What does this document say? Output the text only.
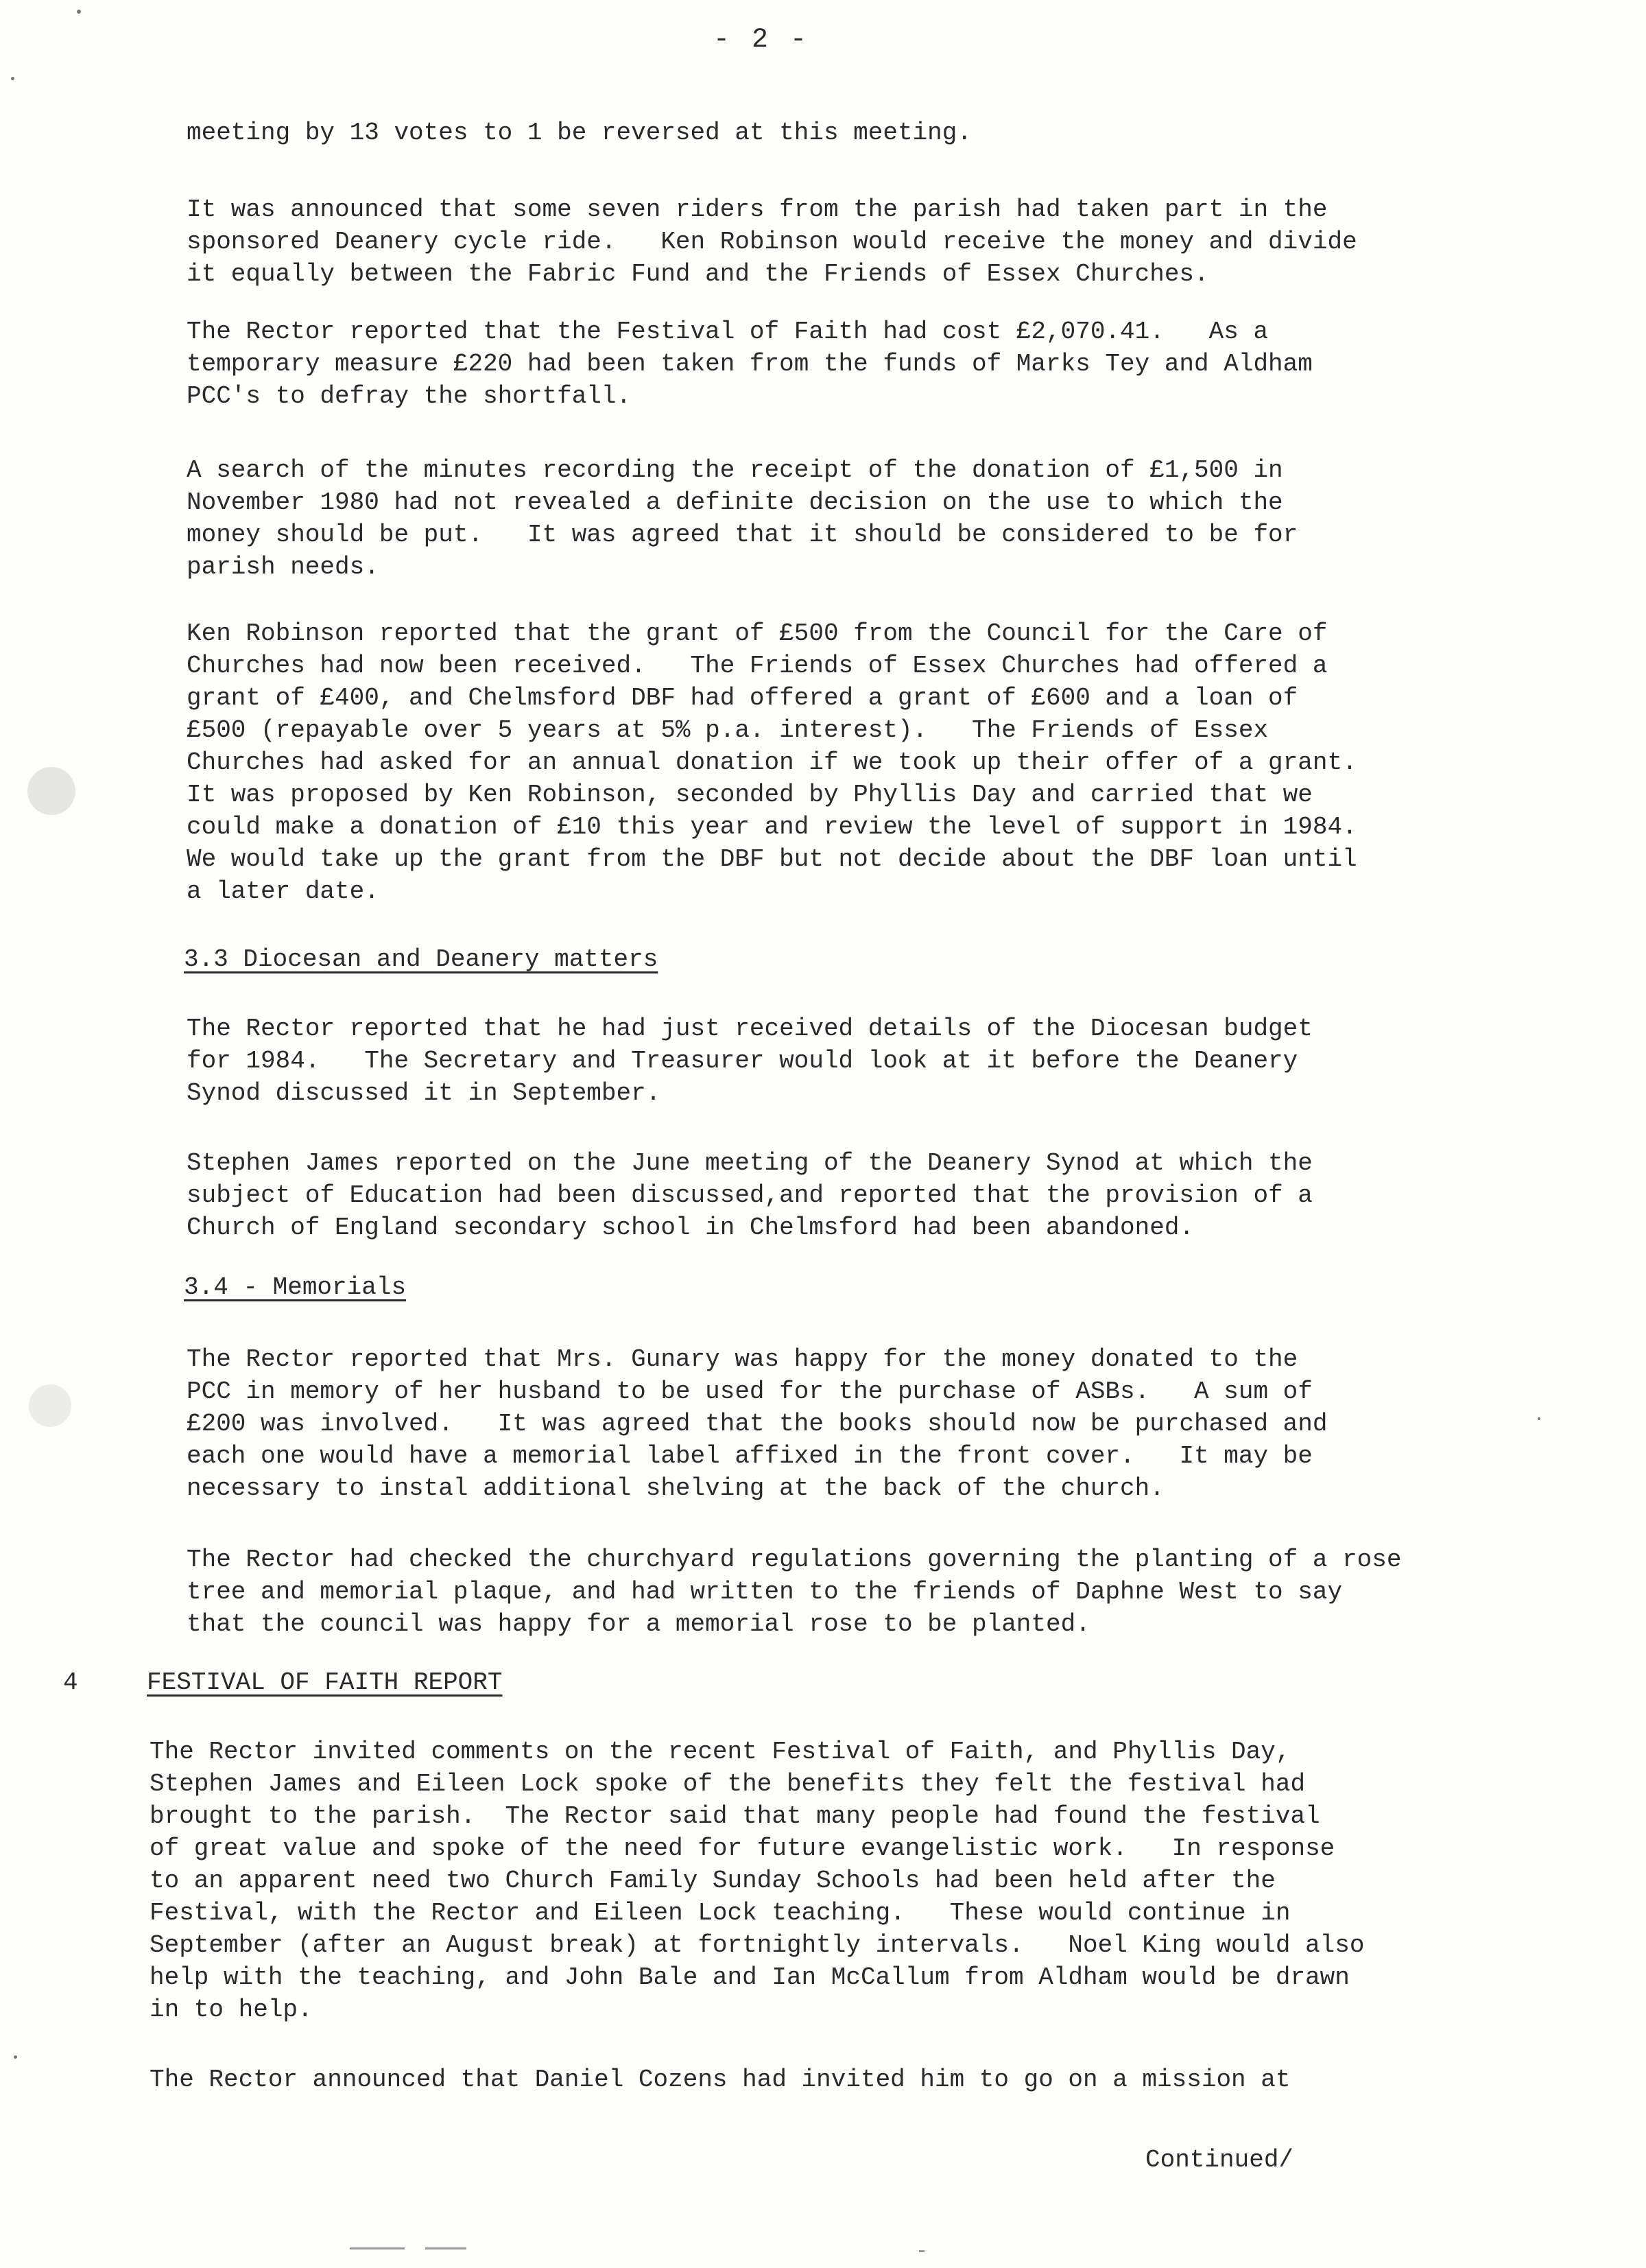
- 2 -
meeting by 13 votes to 1 be reversed at this meeting.
It was announced that some seven riders from the parish had taken part in the
sponsored Deanery cycle ride.   Ken Robinson would receive the money and divide
it equally between the Fabric Fund and the Friends of Essex Churches.
The Rector reported that the Festival of Faith had cost £2,070.41.   As a
temporary measure £220 had been taken from the funds of Marks Tey and Aldham
PCC's to defray the shortfall.
A search of the minutes recording the receipt of the donation of £1,500 in
November 1980 had not revealed a definite decision on the use to which the
money should be put.   It was agreed that it should be considered to be for
parish needs.
Ken Robinson reported that the grant of £500 from the Council for the Care of
Churches had now been received.   The Friends of Essex Churches had offered a
grant of £400, and Chelmsford DBF had offered a grant of £600 and a loan of
£500 (repayable over 5 years at 5% p.a. interest).   The Friends of Essex
Churches had asked for an annual donation if we took up their offer of a grant.
It was proposed by Ken Robinson, seconded by Phyllis Day and carried that we
could make a donation of £10 this year and review the level of support in 1984.
We would take up the grant from the DBF but not decide about the DBF loan until
a later date.
3.3 Diocesan and Deanery matters
The Rector reported that he had just received details of the Diocesan budget
for 1984.   The Secretary and Treasurer would look at it before the Deanery
Synod discussed it in September.
Stephen James reported on the June meeting of the Deanery Synod at which the
subject of Education had been discussed,and reported that the provision of a
Church of England secondary school in Chelmsford had been abandoned.
3.4 - Memorials
The Rector reported that Mrs. Gunary was happy for the money donated to the
PCC in memory of her husband to be used for the purchase of ASBs.   A sum of
£200 was involved.   It was agreed that the books should now be purchased and
each one would have a memorial label affixed in the front cover.   It may be
necessary to instal additional shelving at the back of the church.
The Rector had checked the churchyard regulations governing the planting of a rose
tree and memorial plaque, and had written to the friends of Daphne West to say
that the council was happy for a memorial rose to be planted.
4	FESTIVAL OF FAITH REPORT
The Rector invited comments on the recent Festival of Faith, and Phyllis Day,
Stephen James and Eileen Lock spoke of the benefits they felt the festival had
brought to the parish.  The Rector said that many people had found the festival
of great value and spoke of the need for future evangelistic work.   In response
to an apparent need two Church Family Sunday Schools had been held after the
Festival, with the Rector and Eileen Lock teaching.   These would continue in
September (after an August break) at fortnightly intervals.   Noel King would also
help with the teaching, and John Bale and Ian McCallum from Aldham would be drawn
in to help.
The Rector announced that Daniel Cozens had invited him to go on a mission at
Continued/
